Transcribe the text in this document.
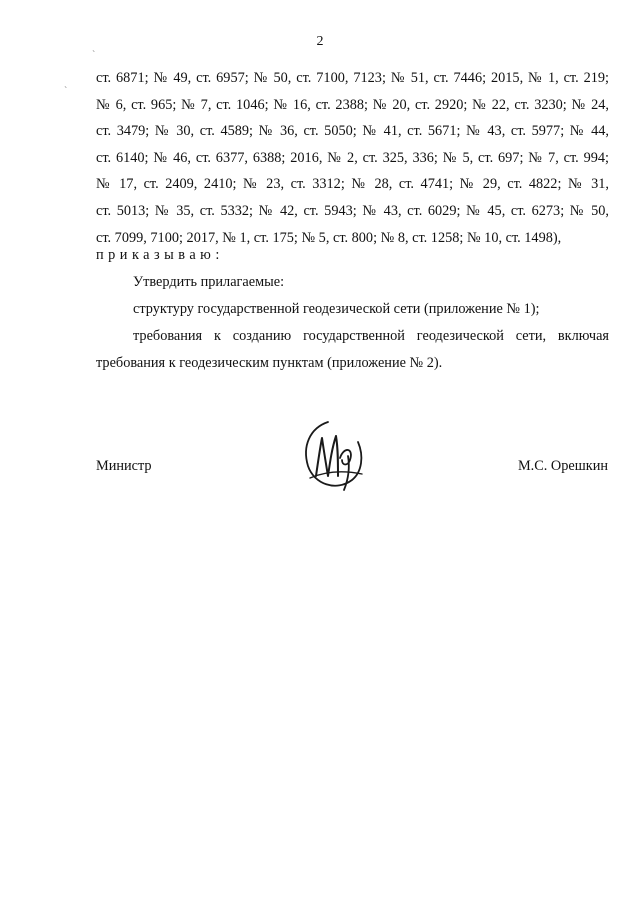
ˋ
ˋ
2
ст. 6871; № 49, ст. 6957; № 50, ст. 7100, 7123; № 51, ст. 7446; 2015, № 1, ст. 219;
№ 6, ст. 965; № 7, ст. 1046; № 16, ст. 2388; № 20, ст. 2920; № 22, ст. 3230; № 24,
ст. 3479; № 30, ст. 4589; № 36, ст. 5050; № 41, ст. 5671; № 43, ст. 5977; № 44,
ст. 6140; № 46, ст. 6377, 6388; 2016, № 2, ст. 325, 336; № 5, ст. 697; № 7, ст. 994;
№ 17, ст. 2409, 2410; № 23, ст. 3312; № 28, ст. 4741; № 29, ст. 4822; № 31,
ст. 5013; № 35, ст. 5332; № 42, ст. 5943; № 43, ст. 6029; № 45, ст. 6273; № 50,
ст. 7099, 7100; 2017, № 1, ст. 175; № 5, ст. 800; № 8, ст. 1258; № 10, ст. 1498),
приказываю:
Утвердить прилагаемые:
структуру государственной геодезической сети (приложение № 1);
требования к созданию государственной геодезической сети, включая
требования к геодезическим пунктам (приложение № 2).
Министр	М.С. Орешкин
